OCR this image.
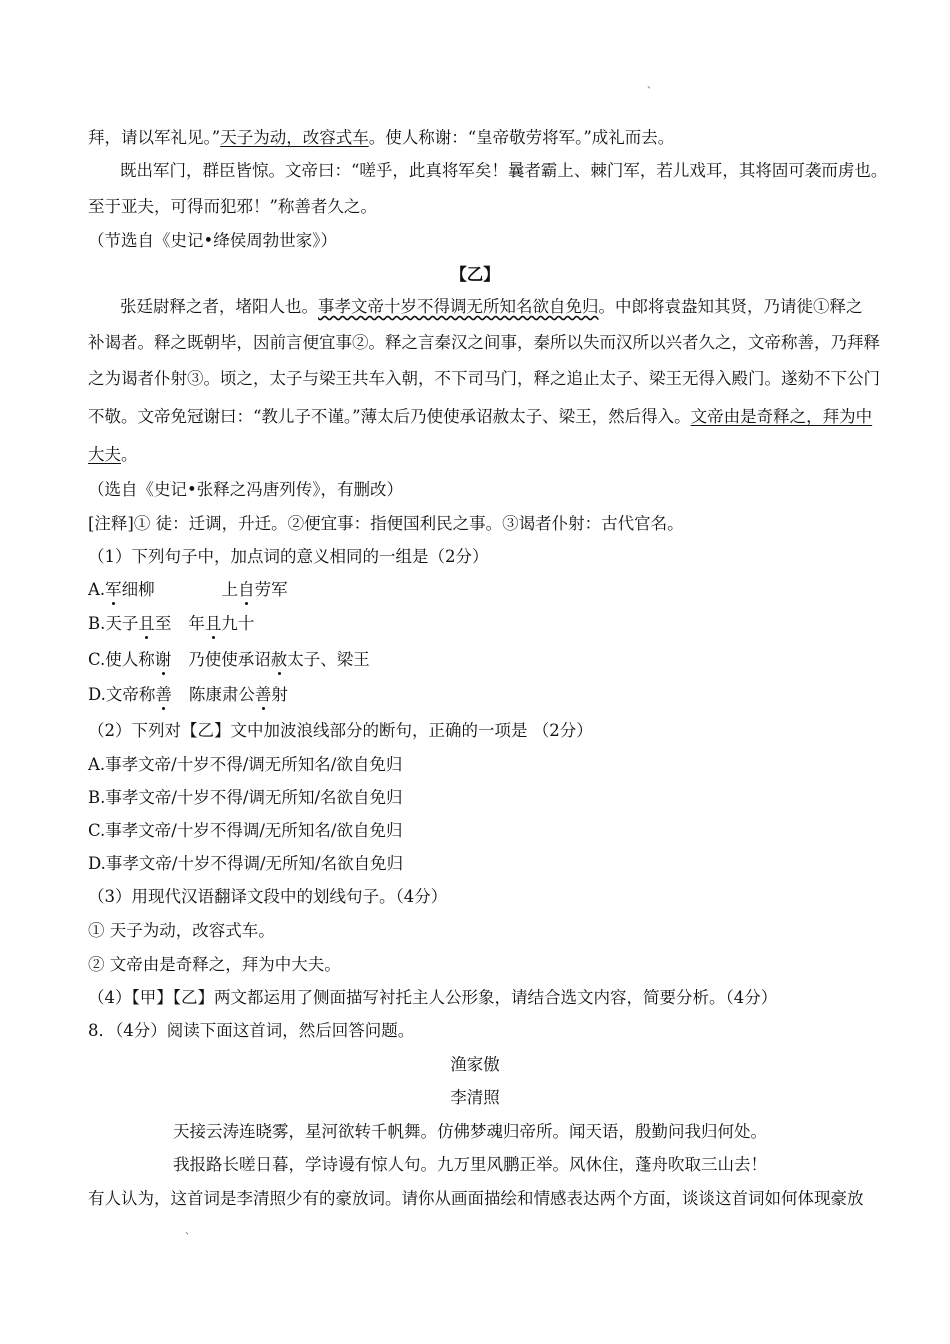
、
拜，请以军礼见。”天子为动，改容式车。使人称谢：“皇帝敬劳将军。”成礼而去。
既出军门，群臣皆惊。文帝曰：“嗟乎，此真将军矣！曩者霸上、棘门军，若儿戏耳，其将固可袭而虏也。
至于亚夫，可得而犯邪！”称善者久之。
（节选自《史记•绛侯周勃世家》）
【乙】
张廷尉释之者，堵阳人也。事孝文帝十岁不得调无所知名欲自免归。中郎将袁盎知其贤，乃请徙①释之
补谒者。释之既朝毕，因前言便宜事②。释之言秦汉之间事，秦所以失而汉所以兴者久之，文帝称善，乃拜释
之为谒者仆射③。顷之，太子与梁王共车入朝，不下司马门，释之追止太子、梁王无得入殿门。遂劾不下公门
不敬。文帝免冠谢曰：“教儿子不谨。”薄太后乃使使承诏赦太子、梁王，然后得入。文帝由是奇释之，拜为中
大夫。
（选自《史记•张释之冯唐列传》，有删改）
[注释]① 徒：迁调，升迁。②便宜事：指便国利民之事。③谒者仆射：古代官名。
（1）下列句子中，加点词的意义相同的一组是（2分）
A.军细柳	上自劳军
B.天子且至 年且九十
C.使人称谢 乃使使承诏赦太子、梁王
D.文帝称善 陈康肃公善射
（2）下列对【乙】文中加波浪线部分的断句，正确的一项是 （2分）
A.事孝文帝/十岁不得/调无所知名/欲自免归
B.事孝文帝/十岁不得/调无所知/名欲自免归
C.事孝文帝/十岁不得调/无所知名/欲自免归
D.事孝文帝/十岁不得调/无所知/名欲自免归
（3）用现代汉语翻译文段中的划线句子。（4分）
① 天子为动，改容式车。
② 文帝由是奇释之，拜为中大夫。
（4）【甲】【乙】两文都运用了侧面描写衬托主人公形象，请结合选文内容，简要分析。（4分）
8．（4分）阅读下面这首词，然后回答问题。
渔家傲
李清照
天接云涛连晓雾，星河欲转千帆舞。仿佛梦魂归帝所。闻天语，殷勤问我归何处。
我报路长嗟日暮，学诗谩有惊人句。九万里风鹏正举。风休住，蓬舟吹取三山去！
有人认为，这首词是李清照少有的豪放词。请你从画面描绘和情感表达两个方面，谈谈这首词如何体现豪放
、
